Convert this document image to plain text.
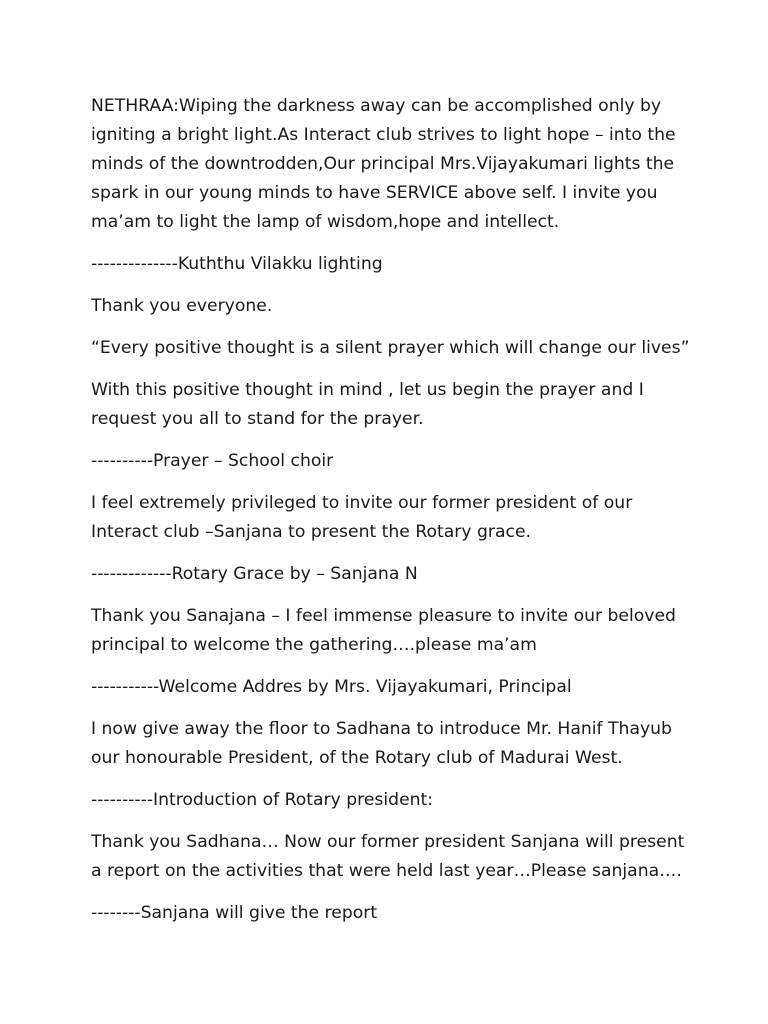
NETHRAA:Wiping the darkness away can be accomplished only by igniting a bright light.As Interact club strives to light hope – into the minds of the downtrodden,Our principal Mrs.Vijayakumari lights the spark in our young minds to have SERVICE above self. I invite you ma’am to light the lamp of wisdom,hope and intellect.

--------------Kuththu Vilakku lighting

Thank you everyone.

“Every positive thought is a silent prayer which will change our lives”

With this positive thought in mind , let us begin the prayer and I request you all to stand for the prayer.

----------Prayer – School choir

I feel extremely privileged to invite our former president of our Interact club –Sanjana to present the Rotary grace.

-------------Rotary Grace by – Sanjana N

Thank you Sanajana – I feel immense pleasure to invite our beloved principal to welcome the gathering….please ma’am

-----------Welcome Addres by Mrs. Vijayakumari, Principal

I now give away the floor to Sadhana to introduce Mr. Hanif Thayub our honourable President, of the Rotary club of Madurai West.

----------Introduction of Rotary president:

Thank you Sadhana… Now our former president Sanjana will present a report on the activities that were held last year…Please sanjana….

--------Sanjana will give the report
